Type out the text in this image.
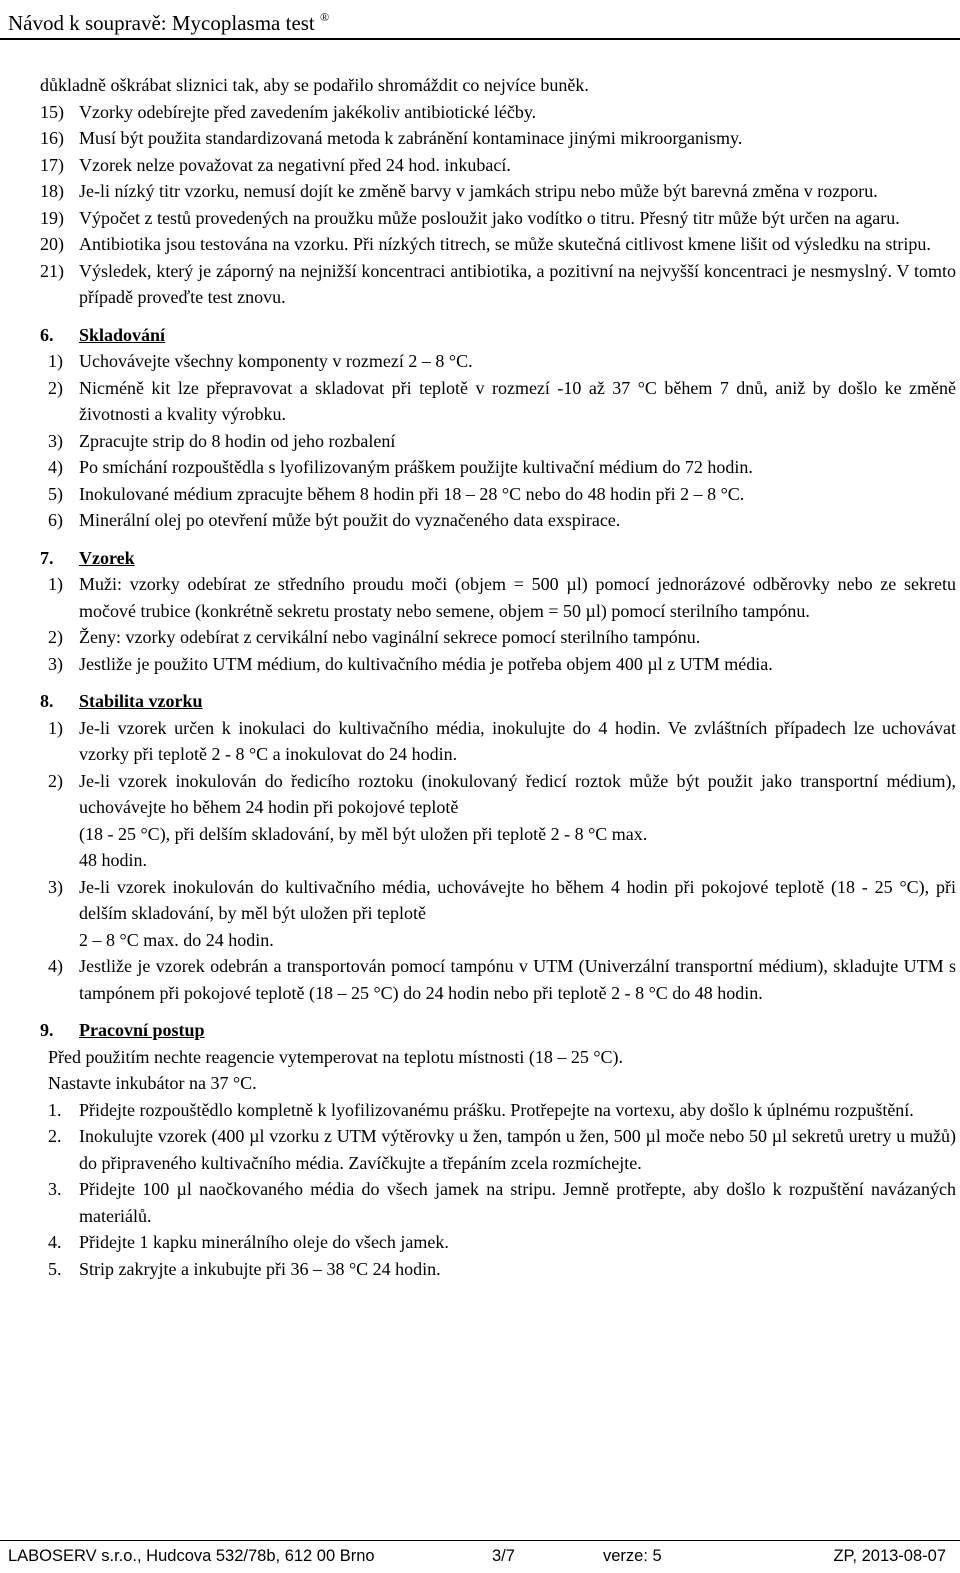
Návod k soupravě: Mycoplasma test ®
důkladně oškrábat sliznici tak, aby se podařilo shromáždit co nejvíce buněk.
15) Vzorky odebírejte před zavedením jakékoliv antibiotické léčby.
16) Musí být použita standardizovaná metoda k zabránění kontaminace jinými mikroorganismy.
17) Vzorek nelze považovat za negativní před 24 hod. inkubací.
18) Je-li nízký titr vzorku, nemusí dojít ke změně barvy v jamkách stripu nebo může být barevná změna v rozporu.
19) Výpočet z testů provedených na proužku může posloužit jako vodítko o titru. Přesný titr může být určen na agaru.
20) Antibiotika jsou testována na vzorku. Při nízkých titrech, se může skutečná citlivost kmene lišit od výsledku na stripu.
21) Výsledek, který je záporný na nejnižší koncentraci antibiotika, a pozitivní na nejvyšší koncentraci je nesmyslný. V tomto případě proveďte test znovu.
6. Skladování
1) Uchovávejte všechny komponenty v rozmezí 2 – 8 °C.
2) Nicméně kit lze přepravovat a skladovat při teplotě v rozmezí -10 až 37 °C během 7 dnů, aniž by došlo ke změně životnosti a kvality výrobku.
3) Zpracujte strip do 8 hodin od jeho rozbalení
4) Po smíchání rozpouštědla s lyofilizovaným práškem použijte kultivační médium do 72 hodin.
5) Inokulované médium zpracujte během 8 hodin při 18 – 28 °C nebo do 48 hodin při 2 – 8 °C.
6) Minerální olej po otevření může být použit do vyznačeného data exspirace.
7. Vzorek
1) Muži: vzorky odebírat ze středního proudu moči (objem = 500 µl) pomocí jednorázové odběrovky nebo ze sekretu močové trubice (konkrétně sekretu prostaty nebo semene, objem = 50 µl) pomocí sterilního tampónu.
2) Ženy: vzorky odebírat z cervikální nebo vaginální sekrece pomocí sterilního tampónu.
3) Jestliže je použito UTM médium, do kultivačního média je potřeba objem 400 µl z UTM média.
8. Stabilita vzorku
1) Je-li vzorek určen k inokulaci do kultivačního média, inokulujte do 4 hodin. Ve zvláštních případech lze uchovávat vzorky při teplotě 2 - 8 °C a inokulovat do 24 hodin.
2) Je-li vzorek inokulován do ředicího roztoku (inokulovaný ředicí roztok může být použit jako transportní médium), uchovávejte ho během 24 hodin při pokojové teplotě
(18 - 25 °C), při delším skladování, by měl být uložen při teplotě 2 - 8 °C max.
48 hodin.
3) Je-li vzorek inokulován do kultivačního média, uchovávejte ho během 4 hodin při pokojové teplotě (18 - 25 °C), při delším skladování, by měl být uložen při teplotě
2 – 8 °C max. do 24 hodin.
4) Jestliže je vzorek odebrán a transportován pomocí tampónu v UTM (Univerzální transportní médium), skladujte UTM s tampónem při pokojové teplotě (18 – 25 °C) do 24 hodin nebo při teplotě 2 - 8 °C do 48 hodin.
9. Pracovní postup
Před použitím nechte reagencie vytemperovat na teplotu místnosti (18 – 25 °C).
Nastavte inkubátor na 37 °C.
1. Přidejte rozpouštědlo kompletně k lyofilizovanému prášku. Protřepejte na vortexu, aby došlo k úplnému rozpuštění.
2. Inokulujte vzorek (400 µl vzorku z UTM výtěrovky u žen, tampón u žen, 500 µl moče nebo 50 µl sekretů uretry u mužů) do připraveného kultivačního média. Zavíčkujte a třepáním zcela rozmíchejte.
3. Přidejte 100 µl naočkovaného média do všech jamek na stripu. Jemně protřepte, aby došlo k rozpuštění navázaných materiálů.
4. Přidejte 1 kapku minerálního oleje do všech jamek.
5. Strip zakryjte a inkubujte při 36 – 38 °C 24 hodin.
LABOSERV s.r.o., Hudcova 532/78b, 612 00 Brno	3/7	verze: 5	ZP, 2013-08-07
